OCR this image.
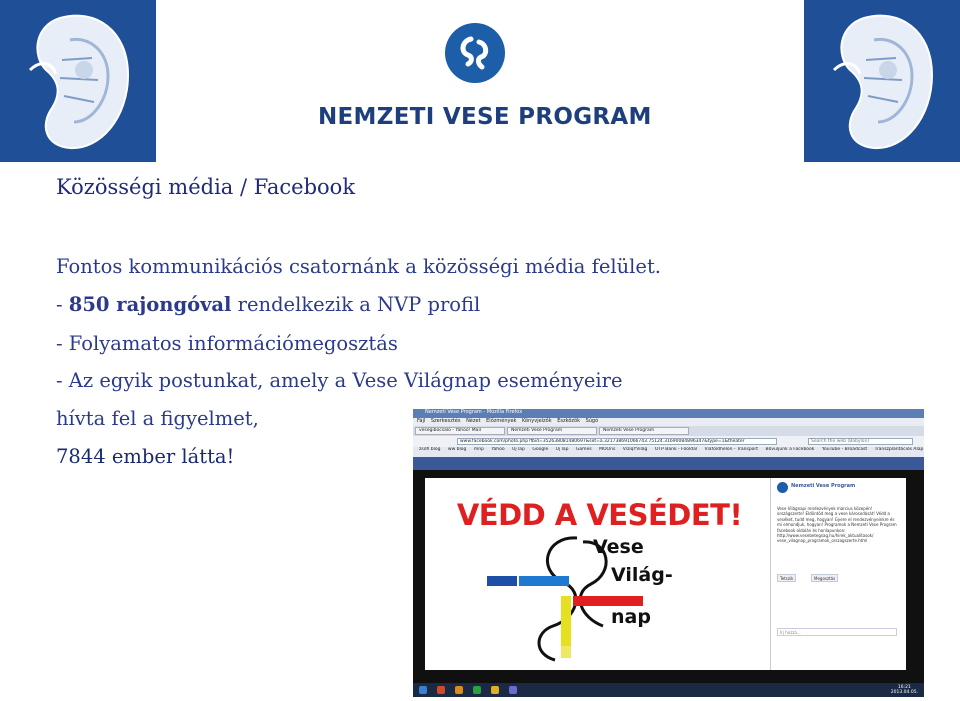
NEMZETI VESE PROGRAM
Közösségi média / Facebook
Fontos kommunikációs csatornánk a közösségi média felület.
- 850 rajongóval rendelkezik a NVP profil
- Folyamatos információmegosztás
- Az egyik postunkat, amely a Vese Világnap eseményeire
hívta fel a figyelmet,
7844 ember látta!
Nemzeti Vese Program - Mozilla Firefox
Fájl Szerkesztés Nézet Előzmények Könyvjelzők Eszközök Súgó
vesegibocsalo - Yahoo! Mail	Nemzeti Vese Program	Nemzeti Vese Program
www.facebook.com/photo.php?fbid=352638081480697&set=a.321738691066743.75124.31690084896347&type=1&theater	Search the web (Babylon)
zsófi blog ww blog mnp Yahoo Új lap Google Új lap Games MOOns VíziqYVilág OTP Bank - Főoldal Viaföldhelön - Transport Bővüljünk a Facebook YouTube - Broadcast Transzplantációs Alap
VÉDD A VESÉDET!
Vese
Világ-
nap
Nemzeti Vese Program
Vese Világnapi rendezvények március közepén! országszerte! Eldöntöd meg a vese károsodását! Védd a veséket, tudd meg, hogyan! Gyere el rendezvényeinkre és mi elmondjuk, hogyan! Programok a Nemzeti Vese Program facebook oldalán és honlapunkon: http://www.vesebetegsag.hu/hirek_aktualitasok/ vese_vilagnap_programok_orszagszerte.html
Tetszik	Megosztás
Írj hozzá...
16:21
2013.04.05.
